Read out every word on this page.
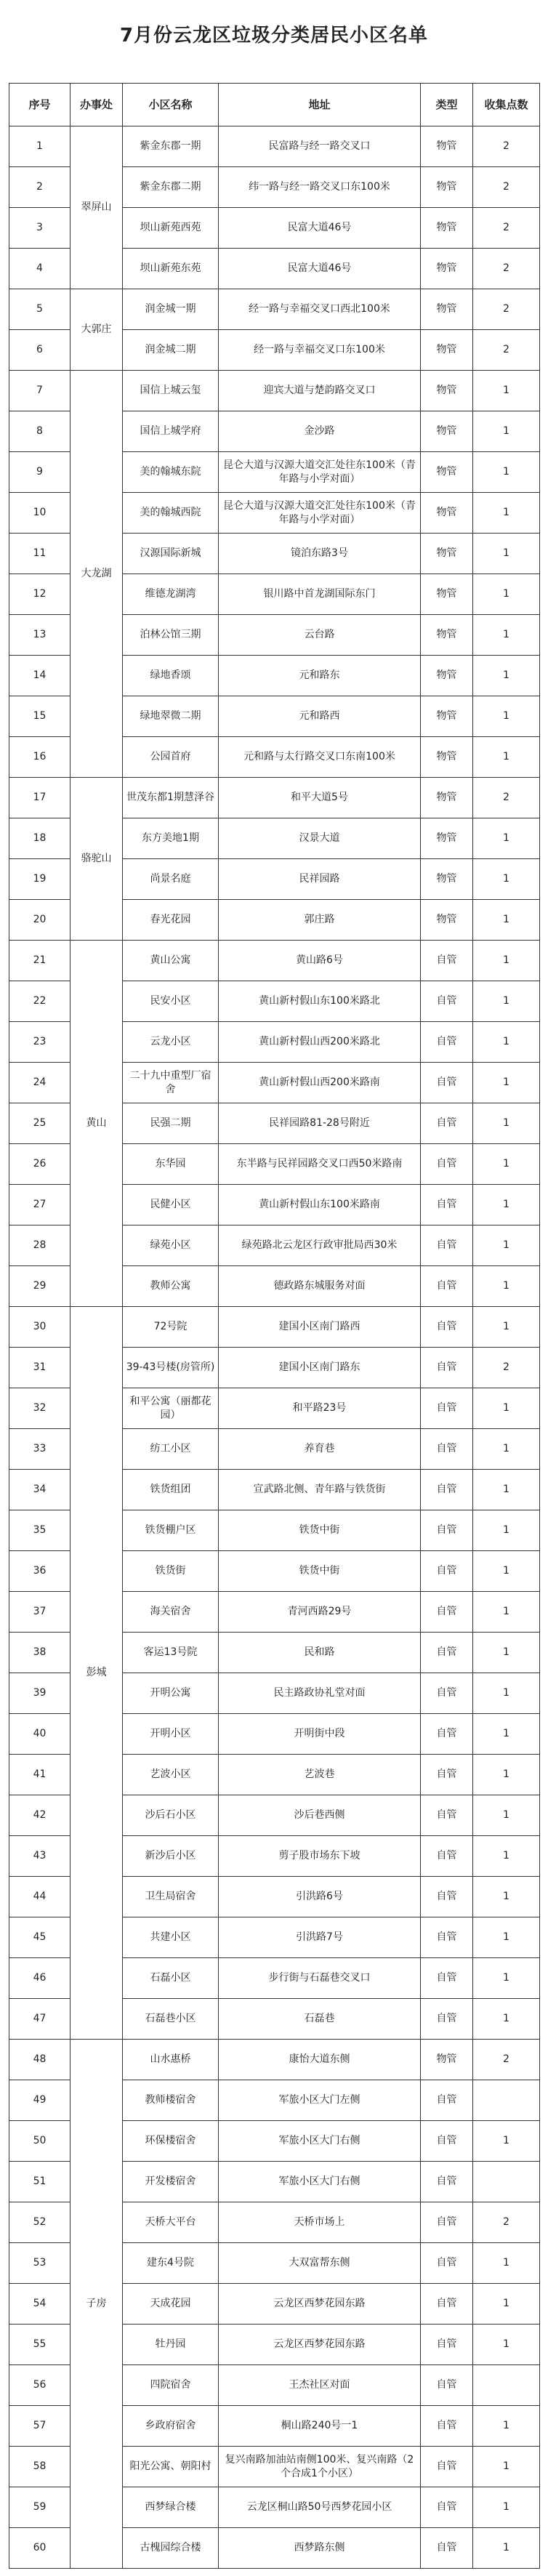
7月份云龙区垃圾分类居民小区名单
序号	办事处	小区名称	地址	类型	收集点数
1	翠屏山	紫金东郡一期	民富路与经一路交叉口	物管	2
2		紫金东郡二期	纬一路与经一路交叉口东100米	物管	2
3		坝山新苑西苑	民富大道46号	物管	2
4		坝山新苑东苑	民富大道46号	物管	2
5	大郭庄	润金城一期	经一路与幸福交叉口西北100米	物管	2
6		润金城二期	经一路与幸福交叉口东100米	物管	2
7	大龙湖	国信上城云玺	迎宾大道与楚韵路交叉口	物管	1
8		国信上城学府	金沙路	物管	1
9		美的翰城东院	昆仑大道与汉源大道交汇处往东100米（青年路与小学对面）	物管	1
10		美的翰城西院	昆仑大道与汉源大道交汇处往东100米（青年路与小学对面）	物管	1
11		汉源国际新城	镜泊东路3号	物管	1
12		维德龙湖湾	银川路中首龙湖国际东门	物管	1
13		泊林公馆三期	云台路	物管	1
14		绿地香颂	元和路东	物管	1
15		绿地翠微二期	元和路西	物管	1
16		公园首府	元和路与太行路交叉口东南100米	物管	1
17	骆驼山	世茂东都1期慧泽谷	和平大道5号	物管	2
18		东方美地1期	汉景大道	物管	1
19		尚景名庭	民祥园路	物管	1
20		春光花园	郭庄路	物管	1
21	黄山	黄山公寓	黄山路6号	自管	1
22		民安小区	黄山新村假山东100米路北	自管	1
23		云龙小区	黄山新村假山西200米路北	自管	1
24		二十九中重型厂宿舍	黄山新村假山西200米路南	自管	1
25		民强二期	民祥园路81-28号附近	自管	1
26		东华园	东半路与民祥园路交叉口西50米路南	自管	1
27		民健小区	黄山新村假山东100米路南	自管	1
28		绿苑小区	绿苑路北云龙区行政审批局西30米	自管	1
29		教师公寓	德政路东城服务对面	自管	1
30	彭城	72号院	建国小区南门路西	自管	1
31		39-43号楼(房管所)	建国小区南门路东	自管	2
32		和平公寓（丽都花园）	和平路23号	自管	1
33		纺工小区	养育巷	自管	1
34		铁货组团	宣武路北侧、青年路与铁货街	自管	1
35		铁货棚户区	铁货中街	自管	1
36		铁货街	铁货中街	自管	1
37		海关宿舍	青河西路29号	自管	1
38		客运13号院	民和路	自管	1
39		开明公寓	民主路政协礼堂对面	自管	1
40		开明小区	开明街中段	自管	1
41		艺波小区	艺波巷	自管	1
42		沙后石小区	沙后巷西侧	自管	1
43		新沙后小区	剪子股市场东下坡	自管	1
44		卫生局宿舍	引洪路6号	自管	1
45		共建小区	引洪路7号	自管	1
46		石磊小区	步行街与石磊巷交叉口	自管	1
47		石磊巷小区	石磊巷	自管	1
48	子房	山水惠桥	康怡大道东侧	物管	2
49		教师楼宿舍	军旅小区大门左侧	自管	
50		环保楼宿舍	军旅小区大门右侧	自管	1
51		开发楼宿舍	军旅小区大门右侧	自管	
52		天桥大平台	天桥市场上	自管	2
53		建东4号院	大双富帮东侧	自管	1
54		天成花园	云龙区西梦花园东路	自管	1
55		牡丹园	云龙区西梦花园东路	自管	1
56		四院宿舍	王杰社区对面	自管	
57		乡政府宿舍	桐山路240号一1	自管	1
58		阳光公寓、朝阳村	复兴南路加油站南侧100米、复兴南路（2个合成1个小区）	自管	1
59		西梦绿合楼	云龙区桐山路50号西梦花园小区	自管	1
60		古槐园综合楼	西梦路东侧	自管	1
